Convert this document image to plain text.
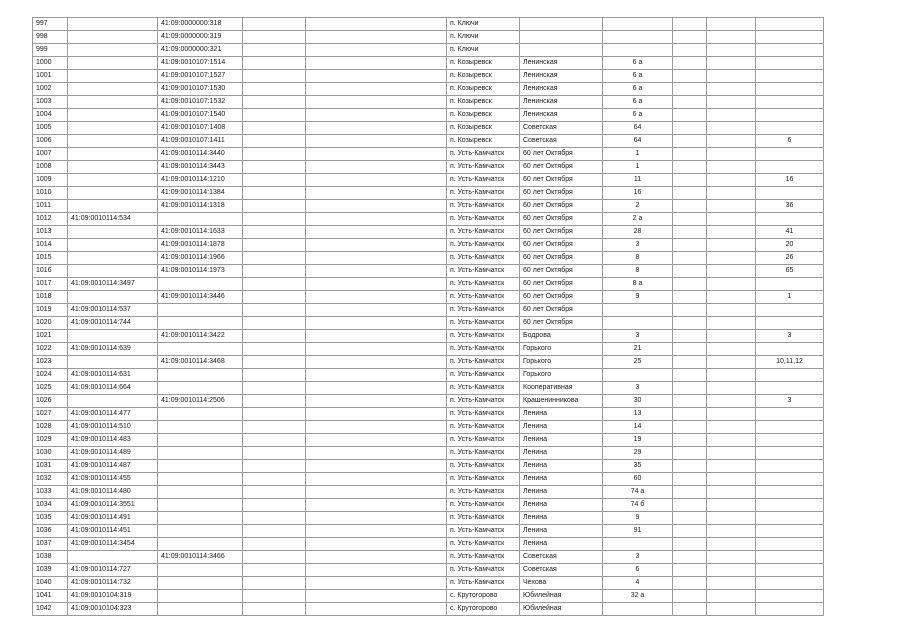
997		41:09:0000000:318			п. Ключи					
998		41:09:0000000:319			п. Ключи					
999		41:09:0000000:321			п. Ключи					
1000		41:09:0010107:1514			п. Козыревск	Ленинская	6 а			
1001		41:09:0010107:1527			п. Козыревск	Ленинская	6 а			
1002		41:09:0010107:1530			п. Козыревск	Ленинская	6 а			
1003		41:09:0010107:1532			п. Козыревск	Ленинская	6 а			
1004		41:09:0010107:1540			п. Козыревск	Ленинская	6 а			
1005		41:09:0010107:1408			п. Козыревск	Советская	64			
1006		41:09:0010107:1411			п. Козыревск	Советская	64			6
1007		41:09:0010114:3440			п. Усть-Камчатск	60 лет Октября	1			
1008		41:09:0010114:3443			п. Усть-Камчатск	60 лет Октября	1			
1009		41:09:0010114:1210			п. Усть-Камчатск	60 лет Октября	11			16
1010		41:09:0010114:1384			п. Усть-Камчатск	60 лет Октября	16			
1011		41:09:0010114:1318			п. Усть-Камчатск	60 лет Октября	2			36
1012	41:09:0010114:534				п. Усть-Камчатск	60 лет Октября	2 а			
1013		41:09:0010114:1633			п. Усть-Камчатск	60 лет Октября	28			41
1014		41:09:0010114:1878			п. Усть-Камчатск	60 лет Октября	3			20
1015		41:09:0010114:1966			п. Усть-Камчатск	60 лет Октября	8			26
1016		41:09:0010114:1973			п. Усть-Камчатск	60 лет Октября	8			65
1017	41:09:0010114:3497				п. Усть-Камчатск	60 лет Октября	8 а			
1018		41:09:0010114:3446			п. Усть-Камчатск	60 лет Октября	9			1
1019	41:09:0010114:537				п. Усть-Камчатск	60 лет Октября				
1020	41:09:0010114:744				п. Усть-Камчатск	60 лет Октября				
1021		41:09:0010114:3422			п. Усть-Камчатск	Бодрова	3			3
1022	41:09:0010114:639				п. Усть-Камчатск	Горького	21			
1023		41:09:0010114:3468			п. Усть-Камчатск	Горького	25			10,11,12
1024	41:09:0010114:631				п. Усть-Камчатск	Горького				
1025	41:09:0010114:664				п. Усть-Камчатск	Кооперативная	3			
1026		41:09:0010114:2506			п. Усть-Камчатск	Крашенинникова	30			3
1027	41:09:0010114:477				п. Усть-Камчатск	Ленина	13			
1028	41:09:0010114:510				п. Усть-Камчатск	Ленина	14			
1029	41:09:0010114:483				п. Усть-Камчатск	Ленина	19			
1030	41:09:0010114:489				п. Усть-Камчатск	Ленина	29			
1031	41:09:0010114:487				п. Усть-Камчатск	Ленина	35			
1032	41:09:0010114:455				п. Усть-Камчатск	Ленина	60			
1033	41:09:0010114:480				п. Усть-Камчатск	Ленина	74 а			
1034	41:09:0010114:3551				п. Усть-Камчатск	Ленина	74 б			
1035	41:09:0010114:491				п. Усть-Камчатск	Ленина	9			
1036	41:09:0010114:451				п. Усть-Камчатск	Ленина	91			
1037	41:09:0010114:3454				п. Усть-Камчатск	Ленина				
1038		41:09:0010114:3466			п. Усть-Камчатск	Советская	3			
1039	41:09:0010114:727				п. Усть-Камчатск	Советская	6			
1040	41:09:0010114:732				п. Усть-Камчатск	Чехова	4			
1041	41:09:0010104:319				с. Крутогорово	Юбилейная	32 а			
1042	41:09:0010104:323				с. Крутогорово	Юбилейная				
